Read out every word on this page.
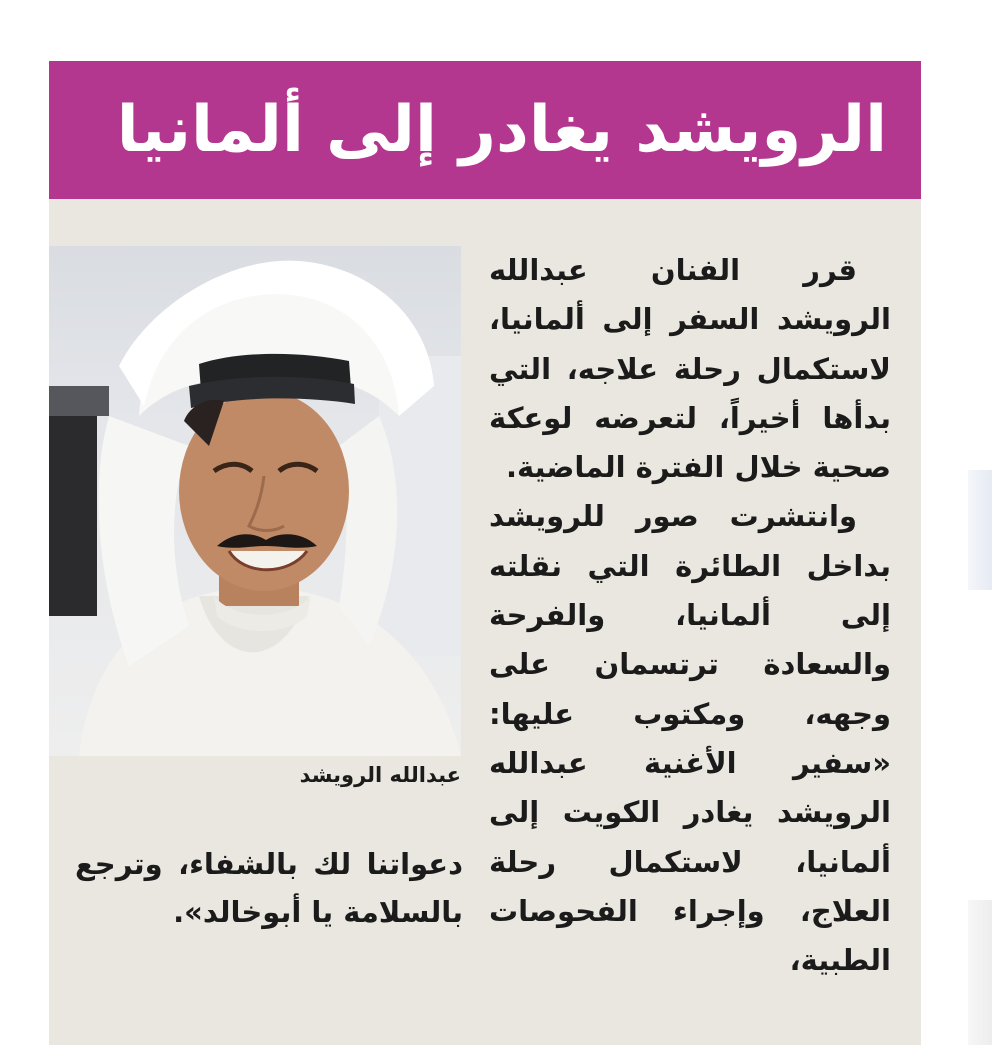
الرويشد يغادر إلى ألمانيا

قرر الفنان عبدالله الرويشد السفر إلى ألمانيا، لاستكمال رحلة علاجه، التي بدأها أخيراً، لتعرضه لوعكة صحية خلال الفترة الماضية.

وانتشرت صور للرويشد بداخل الطائرة التي نقلته إلى ألمانيا، والفرحة والسعادة ترتسمان على وجهه، ومكتوب عليها: «سفير الأغنية عبدالله الرويشد يغادر الكويت إلى ألمانيا، لاستكمال رحلة العلاج، وإجراء الفحوصات الطبية،

عبدالله الرويشد

دعواتنا لك بالشفاء، وترجع بالسلامة يا أبوخالد».
